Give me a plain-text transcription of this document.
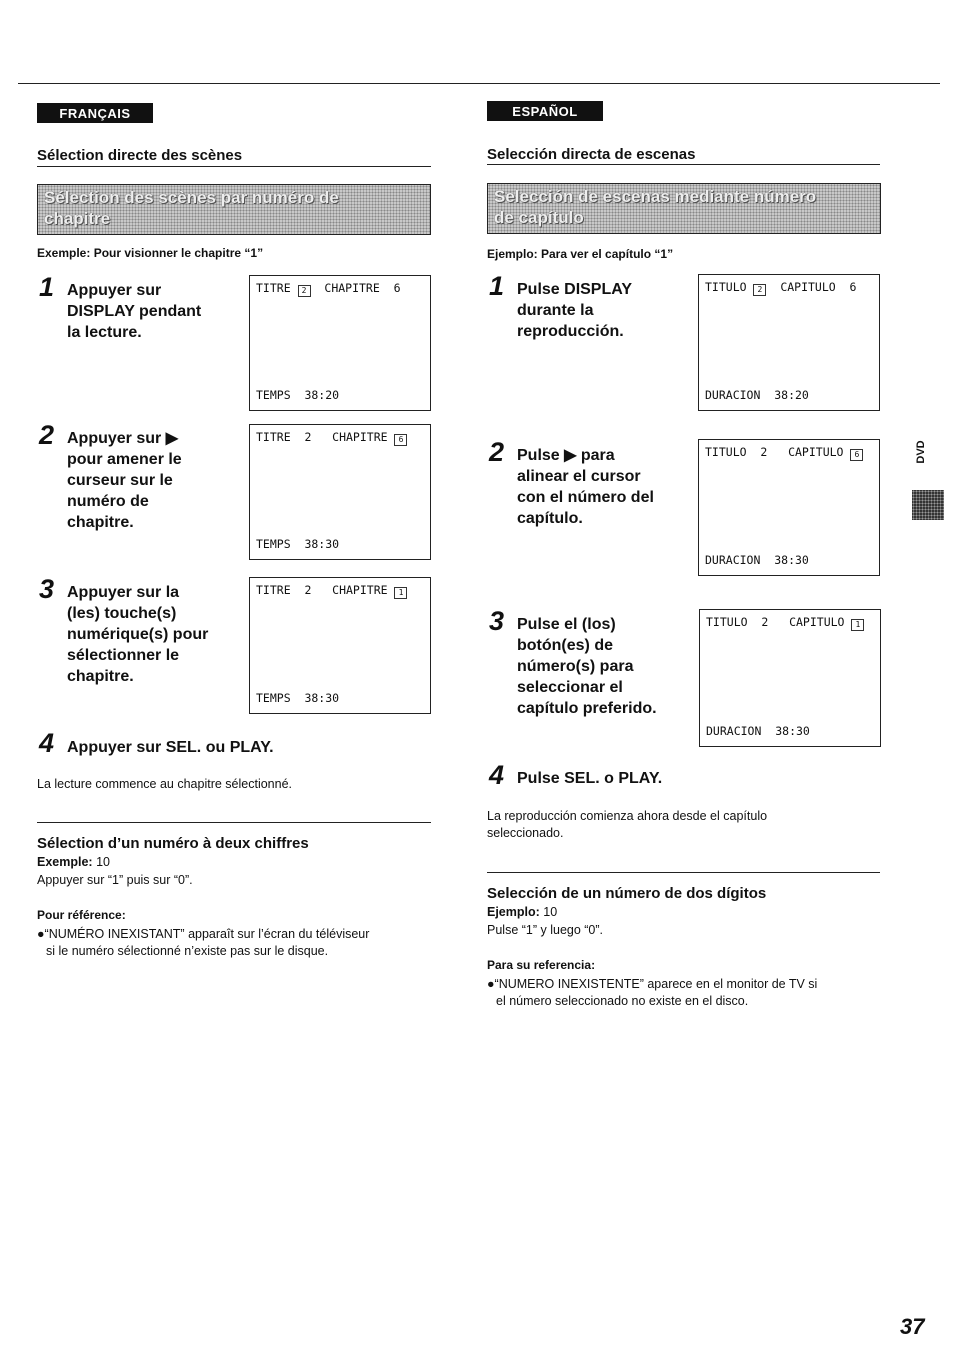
FRANÇAIS
Sélection directe des scènes
Sélection des scènes par numéro de
chapitre
Exemple: Pour visionner le chapitre “1”
1 Appuyer sur
DISPLAY pendant
la lecture.
TITRE 2  CHAPITRE  6
TEMPS  38:20
2 Appuyer sur ▶
pour amener le
curseur sur le
numéro de
chapitre.
TITRE  2   CHAPITRE 6
TEMPS  38:30
3 Appuyer sur la
(les) touche(s)
numérique(s) pour
sélectionner le
chapitre.
TITRE  2   CHAPITRE 1
TEMPS  38:30
4 Appuyer sur SEL. ou PLAY.
La lecture commence au chapitre sélectionné.
Sélection d’un numéro à deux chiffres
Exemple: 10
Appuyer sur “1” puis sur “0”.
Pour référence:
●“NUMÉRO INEXISTANT” apparaît sur l’écran du téléviseur
si le numéro sélectionné n’existe pas sur le disque.
ESPAÑOL
Selección directa de escenas
Selección de escenas mediante número
de capítulo
Ejemplo: Para ver el capítulo “1”
1 Pulse DISPLAY
durante la
reproducción.
TITULO 2  CAPITULO  6
DURACION  38:20
2 Pulse ▶ para
alinear el cursor
con el número del
capítulo.
TITULO  2   CAPITULO 6
DURACION  38:30
3 Pulse el (los)
botón(es) de
número(s) para
seleccionar el
capítulo preferido.
TITULO  2   CAPITULO 1
DURACION  38:30
4 Pulse SEL. o PLAY.
La reproducción comienza ahora desde el capítulo
seleccionado.
Selección de un número de dos dígitos
Ejemplo: 10
Pulse “1” y luego “0”.
Para su referencia:
●“NUMERO INEXISTENTE” aparece en el monitor de TV si
el número seleccionado no existe en el disco.
DVD
37
